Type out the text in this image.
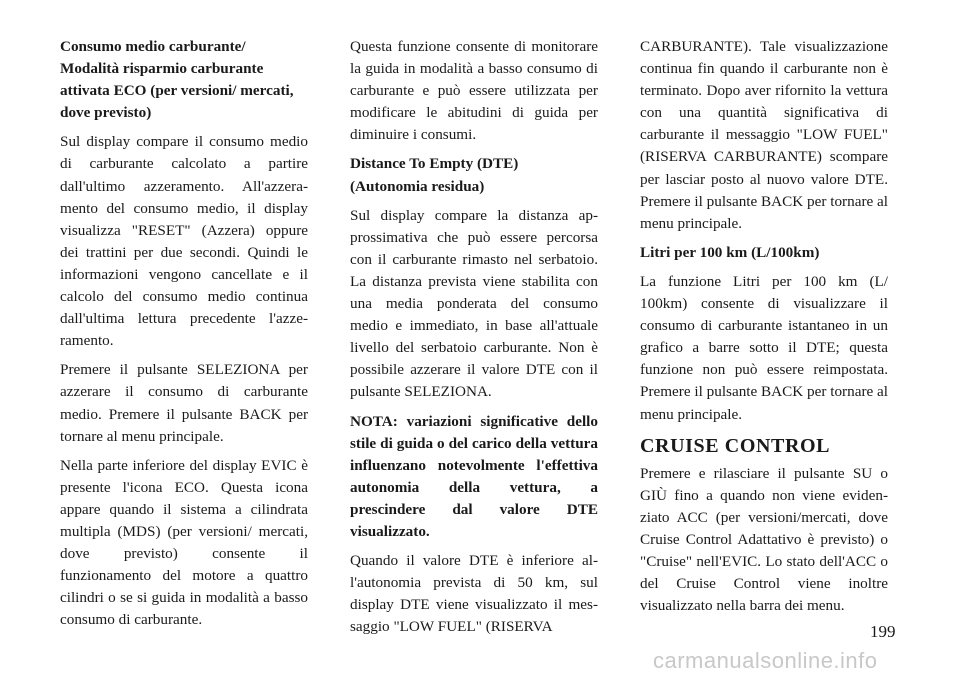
Consumo medio carburante/ Modalità risparmio carburante attivata ECO (per versioni/ mercati, dove previsto)

Sul display compare il consumo medio di carburante calcolato a partire dall'ultimo azzeramento. All'azzeramento del consumo medio, il display visualizza "RESET" (Azzera) oppure dei trattini per due secondi. Quindi le informazioni vengono cancellate e il calcolo del consumo medio continua dall'ultima lettura precedente l'azzeramento.

Premere il pulsante SELEZIONA per azzerare il consumo di carburante medio. Premere il pulsante BACK per tornare al menu principale.

Nella parte inferiore del display EVIC è presente l'icona ECO. Questa icona appare quando il sistema a cilindrata multipla (MDS) (per versioni/ mercati, dove previsto) consente il funzionamento del motore a quattro cilindri o se si guida in modalità a basso consumo di carburante.

Questa funzione consente di monitorare la guida in modalità a basso consumo di carburante e può essere utilizzata per modificare le abitudini di guida per diminuire i consumi.

Distance To Empty (DTE) (Autonomia residua)

Sul display compare la distanza approssimativa che può essere percorsa con il carburante rimasto nel serbatoio. La distanza prevista viene stabilita con una media ponderata del consumo medio e immediato, in base all'attuale livello del serbatoio carburante. Non è possibile azzerare il valore DTE con il pulsante SELEZIONA.

NOTA: variazioni significative dello stile di guida o del carico della vettura influenzano notevolmente l'effettiva autonomia della vettura, a prescindere dal valore DTE visualizzato.

Quando il valore DTE è inferiore all'autonomia prevista di 50 km, sul display DTE viene visualizzato il messaggio "LOW FUEL" (RISERVA

CARBURANTE). Tale visualizzazione continua fin quando il carburante non è terminato. Dopo aver rifornito la vettura con una quantità significativa di carburante il messaggio "LOW FUEL" (RISERVA CARBURANTE) scompare per lasciar posto al nuovo valore DTE. Premere il pulsante BACK per tornare al menu principale.

Litri per 100 km (L/100km)

La funzione Litri per 100 km (L/ 100km) consente di visualizzare il consumo di carburante istantaneo in un grafico a barre sotto il DTE; questa funzione non può essere reimpostata. Premere il pulsante BACK per tornare al menu principale.

CRUISE CONTROL

Premere e rilasciare il pulsante SU o GIÙ fino a quando non viene evidenziato ACC (per versioni/mercati, dove Cruise Control Adattativo è previsto) o "Cruise" nell'EVIC. Lo stato dell'ACC o del Cruise Control viene inoltre visualizzato nella barra dei menu.

199
carmanualsonline.info
